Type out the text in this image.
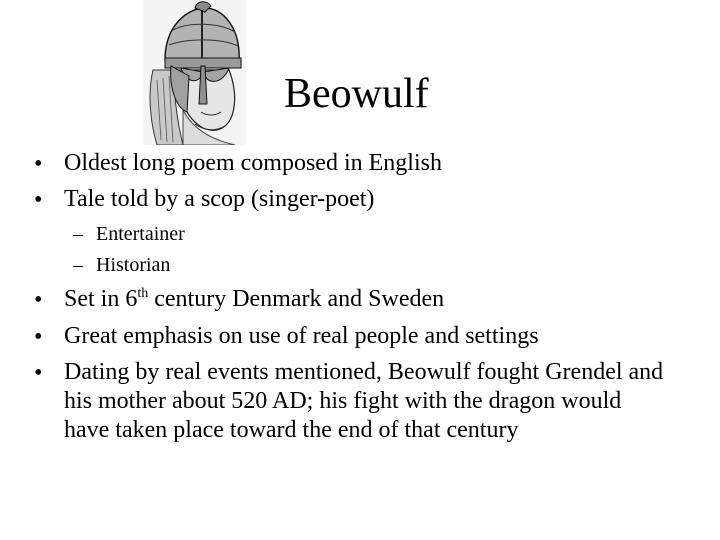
Beowulf
• Oldest long poem composed in English
• Tale told by a scop (singer-poet)
– Entertainer
– Historian
• Set in 6th century Denmark and Sweden
• Great emphasis on use of real people and settings
• Dating by real events mentioned, Beowulf fought Grendel and his mother about 520 AD; his fight with the dragon would have taken place toward the end of that century
